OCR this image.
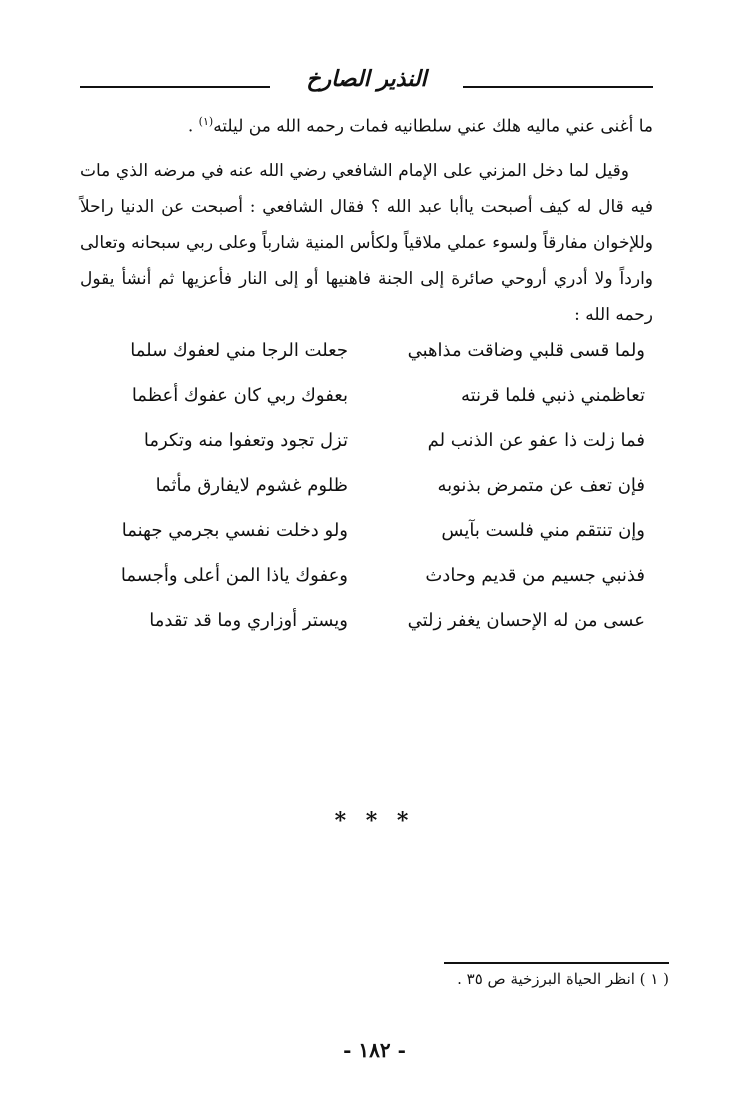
النذير الصارخ

ما أغنى عني ماليه هلك عني سلطانيه فمات رحمه الله من ليلته$^{(١)}$ .

وقيل لما دخل المزني على الإمام الشافعي رضي الله عنه في مرضه الذي مات فيه قال له كيف أصبحت ياأبا عبد الله ؟ فقال الشافعي : أصبحت عن الدنيا راحلاً وللإخوان مفارقاً ولسوء عملي ملاقياً ولكأس المنية شارباً وعلى ربي سبحانه وتعالى وارداً ولا أدري أروحي صائرة إلى الجنة فاهنيها أو إلى النار فأعزيها ثم أنشأ يقول رحمه الله :

ولما قسى قلبي وضاقت مذاهبي
جعلت الرجا مني لعفوك سلما
تعاظمني ذنبي فلما قرنته
بعفوك ربي كان عفوك أعظما
فما زلت ذا عفو عن الذنب لم
تزل تجود وتعفوا منه وتكرما
فإن تعف عن متمرض بذنوبه
ظلوم غشوم لايفارق مأثما
وإن تنتقم مني فلست بآيس
ولو دخلت نفسي بجرمي جهنما
فذنبي جسيم من قديم وحادث
وعفوك ياذا المن أعلى وأجسما
عسى من له الإحسان يغفر زلتي
ويستر أوزاري وما قد تقدما
* * *
( ١ ) انظر الحياة البرزخية ص ٣٥ .
- ١٨٢ -
